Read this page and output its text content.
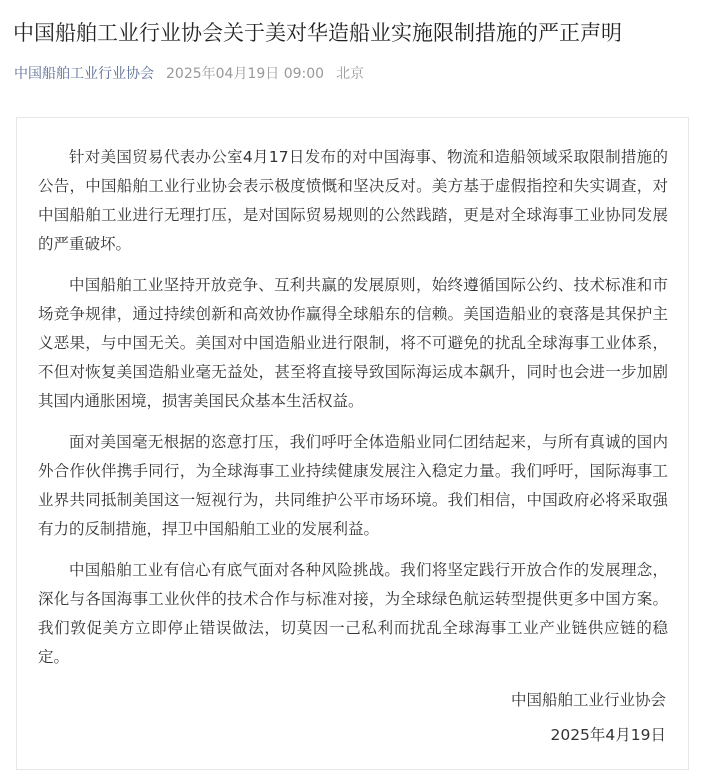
中国船舶工业行业协会关于美对华造船业实施限制措施的严正声明
中国船舶工业行业协会 2025年04月19日 09:00 北京

针对美国贸易代表办公室4月17日发布的对中国海事、物流和造船领域采取限制措施的公告，中国船舶工业行业协会表示极度愤慨和坚决反对。美方基于虚假指控和失实调查，对中国船舶工业进行无理打压，是对国际贸易规则的公然践踏，更是对全球海事工业协同发展的严重破坏。

中国船舶工业坚持开放竞争、互利共赢的发展原则，始终遵循国际公约、技术标准和市场竞争规律，通过持续创新和高效协作赢得全球船东的信赖。美国造船业的衰落是其保护主义恶果，与中国无关。美国对中国造船业进行限制，将不可避免的扰乱全球海事工业体系，不但对恢复美国造船业毫无益处，甚至将直接导致国际海运成本飙升，同时也会进一步加剧其国内通胀困境，损害美国民众基本生活权益。

面对美国毫无根据的恣意打压，我们呼吁全体造船业同仁团结起来，与所有真诚的国内外合作伙伴携手同行，为全球海事工业持续健康发展注入稳定力量。我们呼吁，国际海事工业界共同抵制美国这一短视行为，共同维护公平市场环境。我们相信，中国政府必将采取强有力的反制措施，捍卫中国船舶工业的发展利益。

中国船舶工业有信心有底气面对各种风险挑战。我们将坚定践行开放合作的发展理念，深化与各国海事工业伙伴的技术合作与标准对接，为全球绿色航运转型提供更多中国方案。我们敦促美方立即停止错误做法，切莫因一己私利而扰乱全球海事工业产业链供应链的稳定。

中国船舶工业行业协会
2025年4月19日
